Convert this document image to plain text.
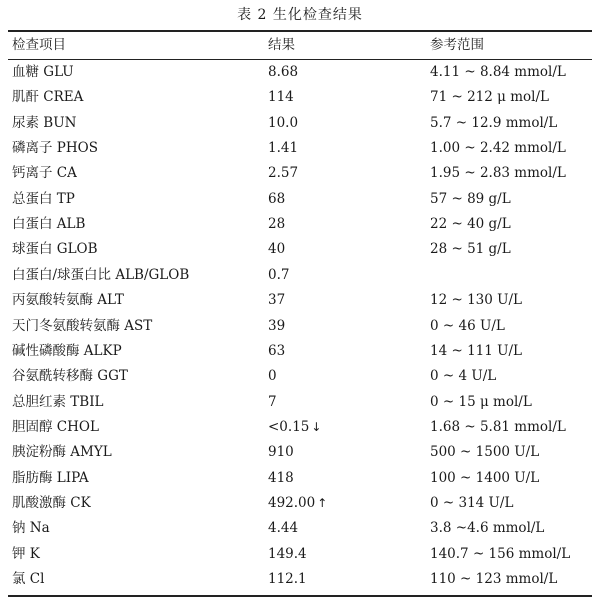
表 2 生化检查结果
检查项目	结果	参考范围
血糖 GLU	8.68	4.11 ~ 8.84 mmol/L
肌酐 CREA	114	71 ~ 212 μ mol/L
尿素 BUN	10.0	5.7 ~ 12.9 mmol/L
磷离子 PHOS	1.41	1.00 ~ 2.42 mmol/L
钙离子 CA	2.57	1.95 ~ 2.83 mmol/L
总蛋白 TP	68	57 ~ 89 g/L
白蛋白 ALB	28	22 ~ 40 g/L
球蛋白 GLOB	40	28 ~ 51 g/L
白蛋白/球蛋白比 ALB/GLOB	0.7
丙氨酸转氨酶 ALT	37	12 ~ 130 U/L
天门冬氨酸转氨酶 AST	39	0 ~ 46 U/L
碱性磷酸酶 ALKP	63	14 ~ 111 U/L
谷氨酰转移酶 GGT	0	0 ~ 4 U/L
总胆红素 TBIL	7	0 ~ 15 μ mol/L
胆固醇 CHOL	<0.15 ↓	1.68 ~ 5.81 mmol/L
胰淀粉酶 AMYL	910	500 ~ 1500 U/L
脂肪酶 LIPA	418	100 ~ 1400 U/L
肌酸激酶 CK	492.00 ↑	0 ~ 314 U/L
钠 Na	4.44	3.8 ~4.6 mmol/L
钾 K	149.4	140.7 ~ 156 mmol/L
氯 Cl	112.1	110 ~ 123 mmol/L
